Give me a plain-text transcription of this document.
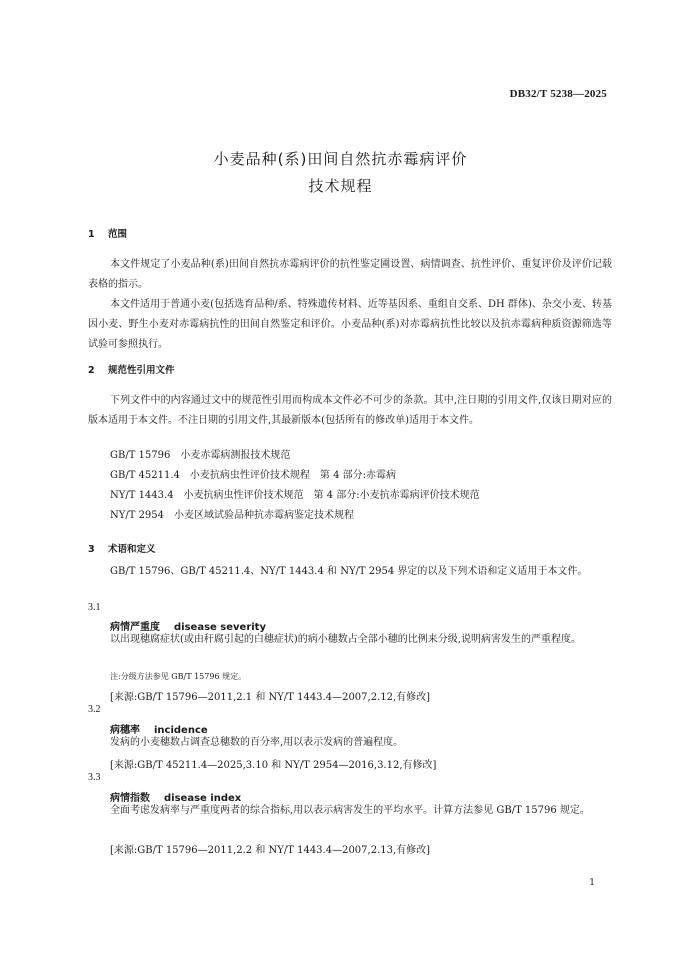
DB32/T 5238—2025
小麦品种(系)田间自然抗赤霉病评价
技术规程
1 范围

本文件规定了小麦品种(系)田间自然抗赤霉病评价的抗性鉴定圃设置、病情调查、抗性评价、重复评价及评价记载表格的指示。

本文件适用于普通小麦(包括选育品种/系、特殊遗传材料、近等基因系、重组自交系、DH 群体)、杂交小麦、转基因小麦、野生小麦对赤霉病抗性的田间自然鉴定和评价。小麦品种(系)对赤霉病抗性比较以及抗赤霉病种质资源筛选等试验可参照执行。

2 规范性引用文件

下列文件中的内容通过文中的规范性引用而构成本文件必不可少的条款。其中,注日期的引用文件,仅该日期对应的版本适用于本文件。不注日期的引用文件,其最新版本(包括所有的修改单)适用于本文件。

GB/T 15796　小麦赤霉病测报技术规范
GB/T 45211.4　小麦抗病虫性评价技术规程　第 4 部分:赤霉病
NY/T 1443.4　小麦抗病虫性评价技术规范　第 4 部分:小麦抗赤霉病评价技术规范
NY/T 2954　小麦区域试验品种抗赤霉病鉴定技术规程
3 术语和定义

GB/T 15796、GB/T 45211.4、NY/T 1443.4 和 NY/T 2954 界定的以及下列术语和定义适用于本文件。

3.1
病情严重度 disease severity

以出现穗腐症状(或由秆腐引起的白穗症状)的病小穗数占全部小穗的比例来分级,说明病害发生的严重程度。

注:分级方法参见 GB/T 15796 规定。
[来源:GB/T 15796—2011,2.1 和 NY/T 1443.4—2007,2.12,有修改]
3.2
病穗率 incidence

发病的小麦穗数占调查总穗数的百分率,用以表示发病的普遍程度。

[来源:GB/T 45211.4—2025,3.10 和 NY/T 2954—2016,3.12,有修改]
3.3
病情指数 disease index

全面考虑发病率与严重度两者的综合指标,用以表示病害发生的平均水平。计算方法参见 GB/T 15796 规定。

[来源:GB/T 15796—2011,2.2 和 NY/T 1443.4—2007,2.13,有修改]
1
